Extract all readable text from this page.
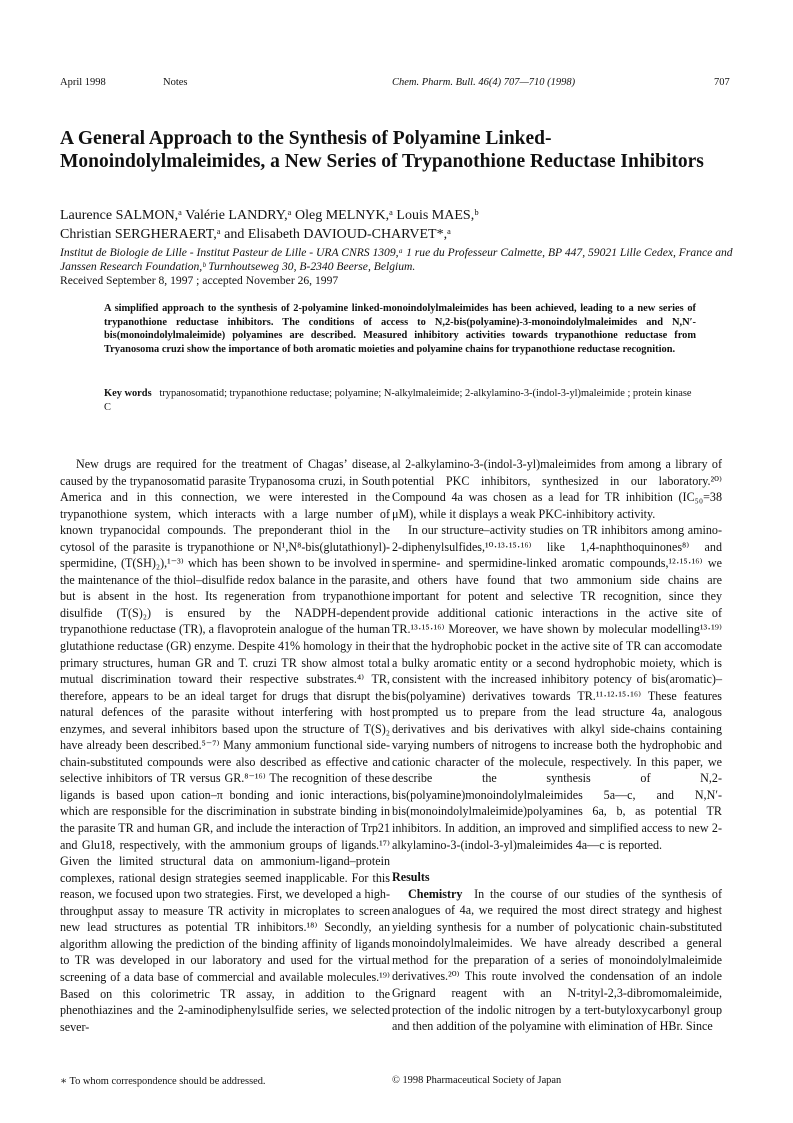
April 1998	Notes	Chem. Pharm. Bull. 46(4) 707—710 (1998)	707
A General Approach to the Synthesis of Polyamine Linked-Monoindolylmaleimides, a New Series of Trypanothione Reductase Inhibitors
Laurence SALMON,ᵃ Valérie LANDRY,ᵃ Oleg MELNYK,ᵃ Louis MAES,ᵇ
Christian SERGHERAERT,ᵃ and Elisabeth DAVIOUD-CHARVET*,ᵃ
Institut de Biologie de Lille - Institut Pasteur de Lille - URA CNRS 1309,ᵃ 1 rue du Professeur Calmette, BP 447, 59021 Lille Cedex, France and Janssen Research Foundation,ᵇ Turnhoutseweg 30, B-2340 Beerse, Belgium.
Received September 8, 1997 ; accepted November 26, 1997
A simplified approach to the synthesis of 2-polyamine linked-monoindolylmaleimides has been achieved, leading to a new series of trypanothione reductase inhibitors. The conditions of access to N,2-bis(polyamine)-3-monoindolylmaleimides and N,N′-bis(monoindolylmaleimide) polyamines are described. Measured inhibitory activities towards trypanothione reductase from Tryanosoma cruzi show the importance of both aromatic moieties and polyamine chains for trypanothione reductase recognition.
Key words trypanosomatid; trypanothione reductase; polyamine; N-alkylmaleimide; 2-alkylamino-3-(indol-3-yl)maleimide ; protein kinase C

New drugs are required for the treatment of Chagas’ disease, caused by the trypanosomatid parasite Trypanosoma cruzi, in South America and in this connection, we were interested in the trypanothione system, which interacts with a large number of known trypanocidal compounds. The preponderant thiol in the cytosol of the parasite is trypanothione or N¹,N⁸-bis(glutathionyl)-spermidine, (T(SH)₂),¹⁻³⁾ which has been shown to be involved in the maintenance of the thiol–disulfide redox balance in the parasite, but is absent in the host. Its regeneration from trypanothione disulfide (T(S)₂) is ensured by the NADPH-dependent trypanothione reductase (TR), a flavoprotein analogue of the human glutathione reductase (GR) enzyme. Despite 41% homology in their primary structures, human GR and T. cruzi TR show almost total mutual discrimination toward their respective substrates.⁴⁾ TR, therefore, appears to be an ideal target for drugs that disrupt the natural defences of the parasite without interfering with host enzymes, and several inhibitors based upon the structure of T(S)₂ have already been described.⁵⁻⁷⁾ Many ammonium functional side-chain-substituted compounds were also described as effective and selective inhibitors of TR versus GR.⁸⁻¹⁶⁾ The recognition of these ligands is based upon cation–π bonding and ionic interactions, which are responsible for the discrimination in substrate binding in the parasite TR and human GR, and include the interaction of Trp21 and Glu18, respectively, with the ammonium groups of ligands.¹⁷⁾ Given the limited structural data on ammonium-ligand–protein complexes, rational design strategies seemed inapplicable. For this reason, we focused upon two strategies. First, we developed a high-throughput assay to measure TR activity in microplates to screen new lead structures as potential TR inhibitors.¹⁸⁾ Secondly, an algorithm allowing the prediction of the binding affinity of ligands to TR was developed in our laboratory and used for the virtual screening of a data base of commercial and available molecules.¹⁹⁾ Based on this colorimetric TR assay, in addition to the phenothiazines and the 2-aminodiphenylsulfide series, we selected sever-

al 2-alkylamino-3-(indol-3-yl)maleimides from among a library of potential PKC inhibitors, synthesized in our laboratory.²⁰⁾ Compound 4a was chosen as a lead for TR inhibition (IC₅₀=38 μM), while it displays a weak PKC-inhibitory activity.

In our structure–activity studies on TR inhibitors among amino-2-diphenylsulfides,¹⁰·¹³·¹⁵·¹⁶⁾ like 1,4-naphthoquinones⁸⁾ and spermine- and spermidine-linked aromatic compounds,¹²·¹⁵·¹⁶⁾ we and others have found that two ammonium side chains are important for potent and selective TR recognition, since they provide additional cationic interactions in the active site of TR.¹³·¹⁵·¹⁶⁾ Moreover, we have shown by molecular modelling¹³·¹⁹⁾ that the hydrophobic pocket in the active site of TR can accomodate a bulky aromatic entity or a second hydrophobic moiety, which is consistent with the increased inhibitory potency of bis(aromatic)–bis(polyamine) derivatives towards TR.¹¹·¹²·¹⁵·¹⁶⁾ These features prompted us to prepare from the lead structure 4a, analogous derivatives and bis derivatives with alkyl side-chains containing varying numbers of nitrogens to increase both the hydrophobic and cationic character of the molecule, respectively. In this paper, we describe the synthesis of N,2-bis(polyamine)monoindolylmaleimides 5a—c, and N,N′-bis(monoindolylmaleimide)polyamines 6a, b, as potential TR inhibitors. In addition, an improved and simplified access to new 2-alkylamino-3-(indol-3-yl)maleimides 4a—c is reported.

Results

Chemistry In the course of our studies of the synthesis of analogues of 4a, we required the most direct strategy and highest yielding synthesis for a number of polycationic chain-substituted monoindolylmaleimides. We have already described a general method for the preparation of a series of monoindolylmaleimide derivatives.²⁰⁾ This route involved the condensation of an indole Grignard reagent with an N-trityl-2,3-dibromomaleimide, protection of the indolic nitrogen by a tert-butyloxycarbonyl group and then addition of the polyamine with elimination of HBr. Since

∗ To whom correspondence should be addressed.	© 1998 Pharmaceutical Society of Japan
